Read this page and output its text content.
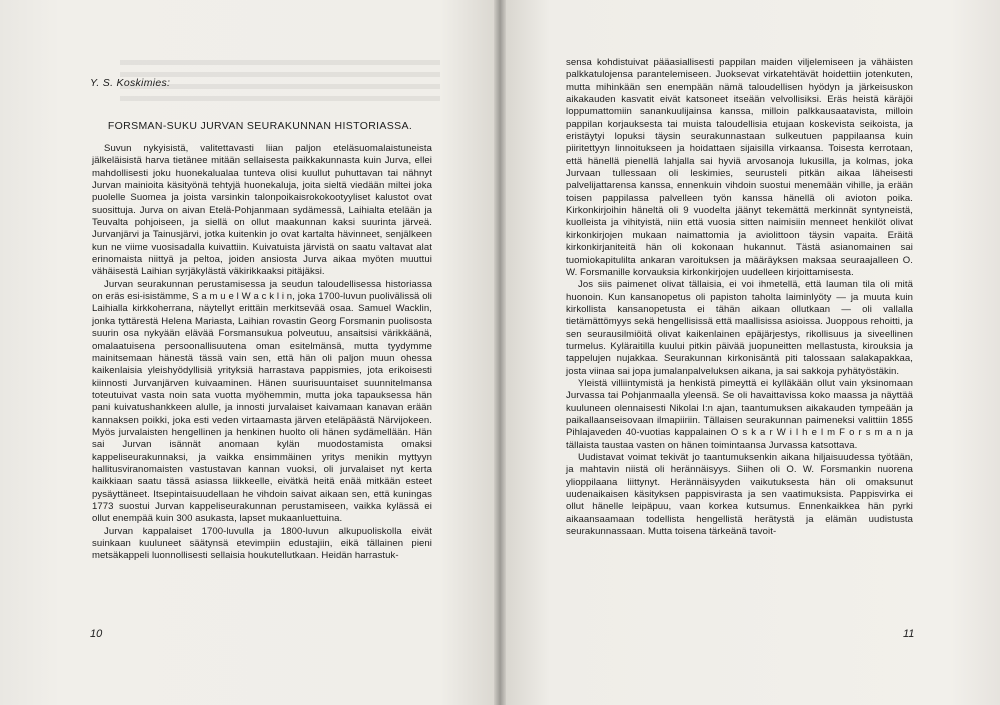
Y. S. Koskimies:
FORSMAN-SUKU JURVAN SEURAKUNNAN HISTORIASSA.

Suvun nykyisistä, valitettavasti liian paljon eteläsuomalaistuneista jälkeläisistä harva tietänee mitään sellaisesta paikkakunnasta kuin Jurva, ellei mahdollisesti joku huonekalualaa tunteva olisi kuullut puhuttavan tai nähnyt Jurvan mainioita käsityönä tehtyjä huonekaluja, joita sieltä viedään miltei joka puolelle Suomea ja joista varsinkin talonpoikaisrokokootyyliset kalustot ovat suosittuja. Jurva on aivan Etelä-Pohjanmaan sydämessä, Laihialta etelään ja Teuvalta pohjoiseen, ja siellä on ollut maakunnan kaksi suurinta järveä. Jurvanjärvi ja Tainusjärvi, jotka kuitenkin jo ovat kartalta hävinneet, senjälkeen kun ne viime vuosisadalla kuivattiin. Kuivatuista järvistä on saatu valtavat alat erinomaista niittyä ja peltoa, joiden ansiosta Jurva aikaa myöten muuttui vähäisestä Laihian syrjäkylästä väkirikkaaksi pitäjäksi.

Jurvan seurakunnan perustamisessa ja seudun taloudellisessa historiassa on eräs esi-isistämme, S a m u e l W a c k l i n, joka 1700-luvun puolivälissä oli Laihialla kirkkoherrana, näytellyt erittäin merkitsevää osaa. Samuel Wacklin, jonka tyttärestä Helena Mariasta, Laihian rovastin Georg Forsmanin puolisosta suurin osa nykyään elävää Forsmansukua polveutuu, ansaitsisi värikkäänä, omalaatuisena persoonallisuutena oman esitelmänsä, mutta tyydymme mainitsemaan hänestä tässä vain sen, että hän oli paljon muun ohessa kaikenlaisia yleishyödyllisiä yrityksiä harrastava pappismies, jota erikoisesti kiinnosti Jurvanjärven kuivaaminen. Hänen suurisuuntaiset suunnitelmansa toteutuivat vasta noin sata vuotta myöhemmin, mutta joka tapauksessa hän pani kuivatushankkeen alulle, ja innosti jurvalaiset kaivamaan kanavan erään kannaksen poikki, joka esti veden virtaamasta järven eteläpäästä Närvijokeen. Myös jurvalaisten hengellinen ja henkinen huolto oli hänen sydämellään. Hän sai Jurvan isännät anomaan kylän muodostamista omaksi kappeliseurakunnaksi, ja vaikka ensimmäinen yritys menikin myttyyn hallitusviranomaisten vastustavan kannan vuoksi, oli jurvalaiset nyt kerta kaikkiaan saatu tässä asiassa liikkeelle, eivätkä heitä enää mitkään esteet pysäyttäneet. Itsepintaisuudellaan he vihdoin saivat aikaan sen, että kuningas 1773 suostui Jurvan kappeliseurakunnan perustamiseen, vaikka kylässä ei ollut enempää kuin 300 asukasta, lapset mukaanluettuina.

Jurvan kappalaiset 1700-luvulla ja 1800-luvun alkupuoliskolla eivät suinkaan kuuluneet säätynsä etevimpiin edustajiin, eikä tällainen pieni metsäkappeli luonnollisesti sellaisia houkutellutkaan. Heidän harrastuk-

10

sensa kohdistuivat pääasiallisesti pappilan maiden viljelemiseen ja vähäisten palkkatulojensa parantelemiseen. Juoksevat virkatehtävät hoidettiin jotenkuten, mutta mihinkään sen enempään nämä taloudellisen hyödyn ja järkeisuskon aikakauden kasvatit eivät katsoneet itseään velvollisiksi. Eräs heistä käräjöi loppumattomiin sanankuulijainsa kanssa, milloin palkkausaatavista, milloin pappilan korjauksesta tai muista taloudellisia etujaan koskevista seikoista, ja eristäytyi lopuksi täysin seurakunnastaan sulkeutuen pappilaansa kuin piiritettyyn linnoitukseen ja hoidattaen sijaisilla virkaansa. Toisesta kerrotaan, että hänellä pienellä lahjalla sai hyviä arvosanoja lukusilla, ja kolmas, joka Jurvaan tullessaan oli leskimies, seurusteli pitkän aikaa läheisesti palvelijattarensa kanssa, ennenkuin vihdoin suostui menemään vihille, ja erään toisen pappilassa palvelleen työn kanssa hänellä oli avioton poika. Kirkonkirjoihin häneltä oli 9 vuodelta jäänyt tekemättä merkinnät syntyneistä, kuolleista ja vihityistä, niin että vuosia sitten naimisiin menneet henkilöt olivat kirkonkirjojen mukaan naimattomia ja aviolittoon täysin vapaita. Eräitä kirkonkirjaniteitä hän oli kokonaan hukannut. Tästä asianomainen sai tuomiokapitulilta ankaran varoituksen ja määräyksen maksaa seuraajalleen O. W. Forsmanille korvauksia kirkonkirjojen uudelleen kirjoittamisesta.

Jos siis paimenet olivat tällaisia, ei voi ihmetellä, että lauman tila oli mitä huonoin. Kun kansanopetus oli papiston taholta laiminlyöty — ja muuta kuin kirkollista kansanopetusta ei tähän aikaan ollutkaan — oli vallalla tietämättömyys sekä hengellisissä että maallisissa asioissa. Juoppous rehoitti, ja sen seurausilmiöitä olivat kaikenlainen epäjärjestys, rikollisuus ja siveellinen turmelus. Kyläraitilla kuului pitkin päivää juopuneitten mellastusta, kirouksia ja tappelujen nujakkaa. Seurakunnan kirkonisäntä piti talossaan salakapakkaa, josta viinaa sai jopa jumalanpalveluksen aikana, ja sai sakkoja pyhätyöstäkin.

Yleistä villiintymistä ja henkistä pimeyttä ei kylläkään ollut vain yksinomaan Jurvassa tai Pohjanmaalla yleensä. Se oli havaittavissa koko maassa ja näyttää kuuluneen olennaisesti Nikolai I:n ajan, taantumuksen aikakauden tympeään ja paikallaanseisovaan ilmapiiriin. Tällaisen seurakunnan paimeneksi valittiin 1855 Pihlajaveden 40-vuotias kappalainen O s k a r W i l h e l m F o r s m a n ja tällaista taustaa vasten on hänen toimintaansa Jurvassa katsottava.

Uudistavat voimat tekivät jo taantumuksenkin aikana hiljaisuudessa työtään, ja mahtavin niistä oli herännäisyys. Siihen oli O. W. Forsmankin nuorena ylioppilaana liittynyt. Herännäisyyden vaikutuksesta hän oli omaksunut uudenaikaisen käsityksen pappisvirasta ja sen vaatimuksista. Pappisvirka ei ollut hänelle leipäpuu, vaan korkea kutsumus. Ennenkaikkea hän pyrki aikaansaamaan todellista hengellistä herätystä ja elämän uudistusta seurakunnassaan. Mutta toisena tärkeänä tavoit-

11
